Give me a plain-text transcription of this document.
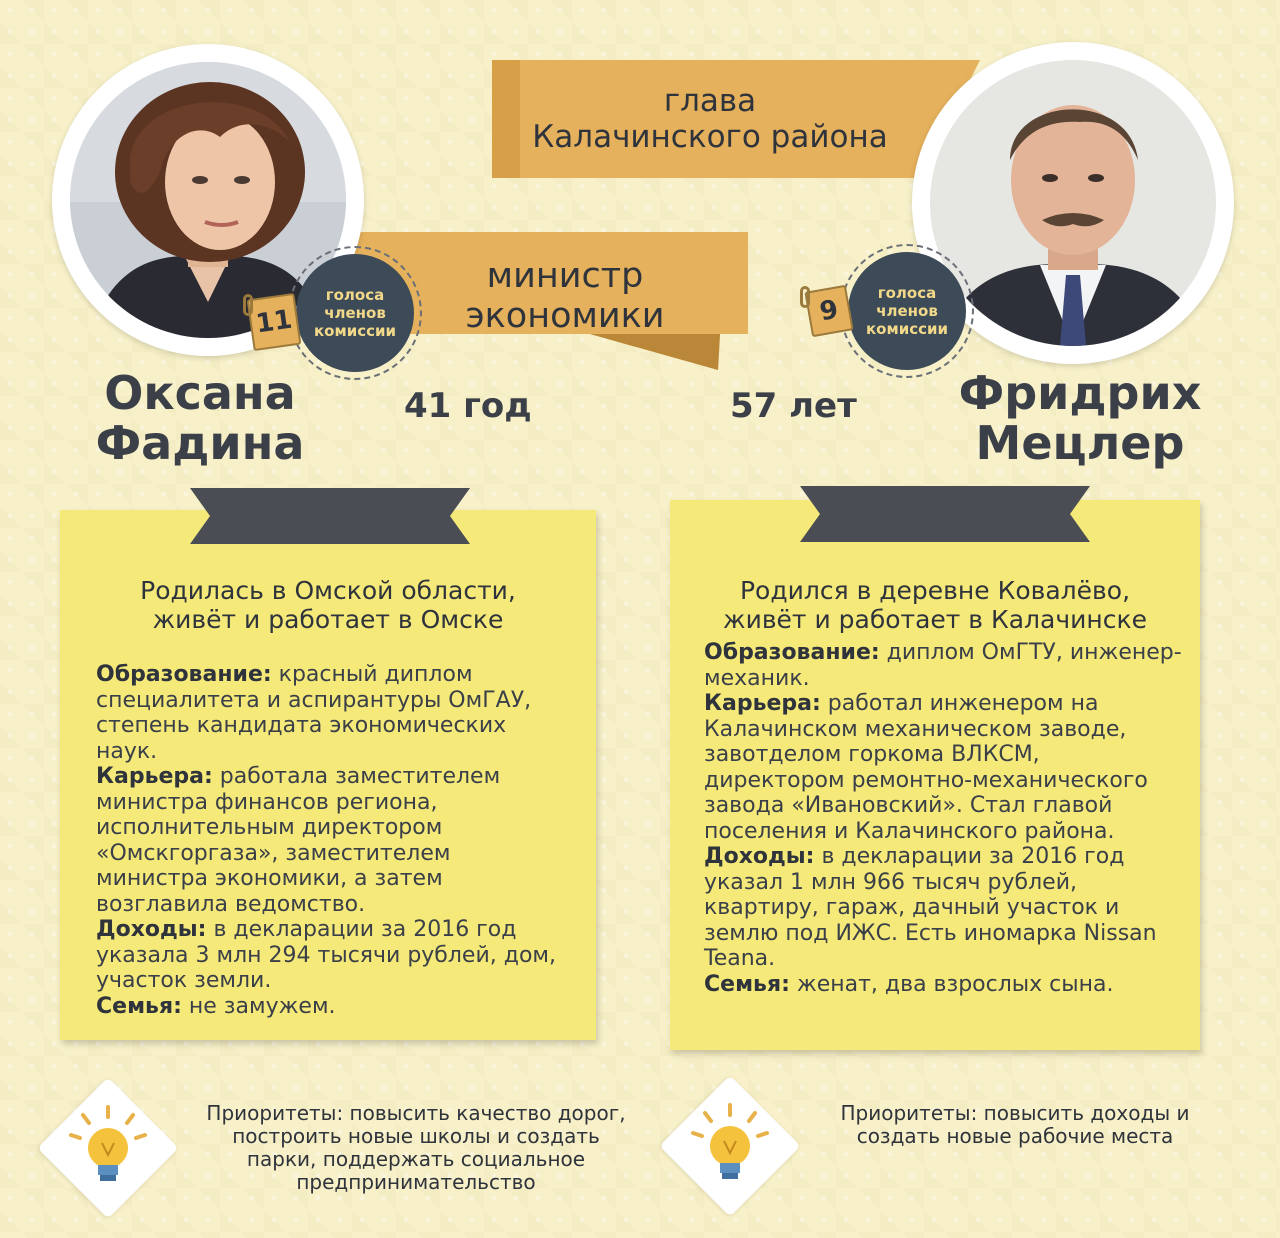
глава
Калачинского района
министр
экономики
голоса
членов
комиссии
11
голоса
членов
комиссии
9
Оксана
Фадина
41 год	57 лет	Фридрих
Мецлер
Родилась в Омской области,
живёт и работает в Омске
Образование: красный диплом специалитета и аспирантуры ОмГАУ, степень кандидата экономических наук.
Карьера: работала заместителем министра финансов региона, исполнительным директором «Омскгоргаза», заместителем министра экономики, а затем возглавила ведомство.
Доходы: в декларации за 2016 год указала 3 млн 294 тысячи рублей, дом, участок земли.
Семья: не замужем.
Родился в деревне Ковалёво,
живёт и работает в Калачинске
Образование: диплом ОмГТУ, инженер-механик.
Карьера: работал инженером на Калачинском механическом заводе, завотделом горкома ВЛКСМ, директором ремонтно-механического завода «Ивановский». Стал главой поселения и Калачинского района.
Доходы: в декларации за 2016 год указал 1 млн 966 тысяч рублей, квартиру, гараж, дачный участок и землю под ИЖС. Есть иномарка Nissan Teana.
Семья: женат, два взрослых сына.
Приоритеты: повысить качество дорог, построить новые школы и создать парки, поддержать социальное предпринимательство
Приоритеты: повысить доходы и создать новые рабочие места
